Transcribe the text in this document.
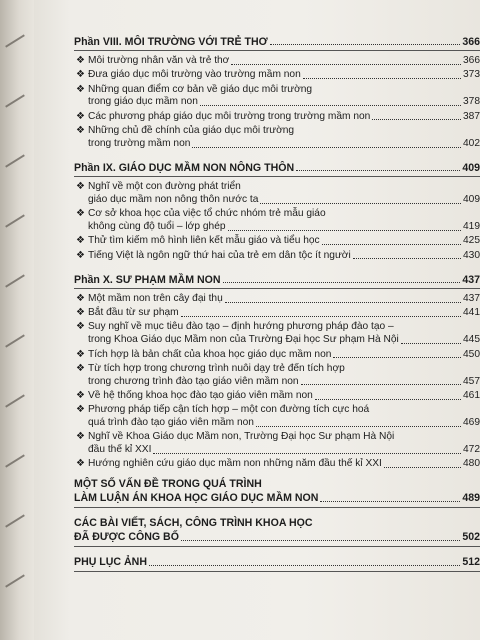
Phần VIII. MÔI TRƯỜNG VỚI TRẺ THƠ	366
❖ Môi trường nhân văn và trẻ thơ	366
❖ Đưa giáo dục môi trường vào trường mầm non	373
❖ Những quan điểm cơ bản về giáo dục môi trường
trong giáo dục mầm non	378
❖ Các phương pháp giáo dục môi trường trong trường mầm non	387
❖ Những chủ đề chính của giáo dục môi trường
trong trường mầm non	402
Phần IX. GIÁO DỤC MẦM NON NÔNG THÔN	409
❖ Nghĩ về một con đường phát triển
giáo dục mầm non nông thôn nước ta	409
❖ Cơ sở khoa học của việc tổ chức nhóm trẻ mẫu giáo
không cùng độ tuổi – lớp ghép	419
❖ Thử tìm kiếm mô hình liên kết mẫu giáo và tiểu học	425
❖ Tiếng Việt là ngôn ngữ thứ hai của trẻ em dân tộc ít người	430
Phần X. SƯ PHẠM MẦM NON	437
❖ Một mầm non trên cây đại thụ	437
❖ Bắt đầu từ sư phạm	441
❖ Suy nghĩ về mục tiêu đào tạo – định hướng phương pháp đào tạo –
trong Khoa Giáo dục Mầm non của Trường Đại học Sư phạm Hà Nội	445
❖ Tích hợp là bản chất của khoa học giáo dục mầm non	450
❖ Từ tích hợp trong chương trình nuôi dạy trẻ đến tích hợp
trong chương trình đào tạo giáo viên mầm non	457
❖ Về hệ thống khoa học đào tạo giáo viên mầm non	461
❖ Phương pháp tiếp cận tích hợp – một con đường tích cực hoá
quá trình đào tạo giáo viên mầm non	469
❖ Nghĩ về Khoa Giáo dục Mầm non, Trường Đại học Sư phạm Hà Nội
đầu thế kỉ XXI	472
❖ Hướng nghiên cứu giáo dục mầm non những năm đầu thế kỉ XXI	480
MỘT SỐ VẤN ĐỀ TRONG QUÁ TRÌNH
LÀM LUẬN ÁN KHOA HỌC GIÁO DỤC MẦM NON	489
CÁC BÀI VIẾT, SÁCH, CÔNG TRÌNH KHOA HỌC
ĐÃ ĐƯỢC CÔNG BỐ	502
PHỤ LỤC ẢNH	512
